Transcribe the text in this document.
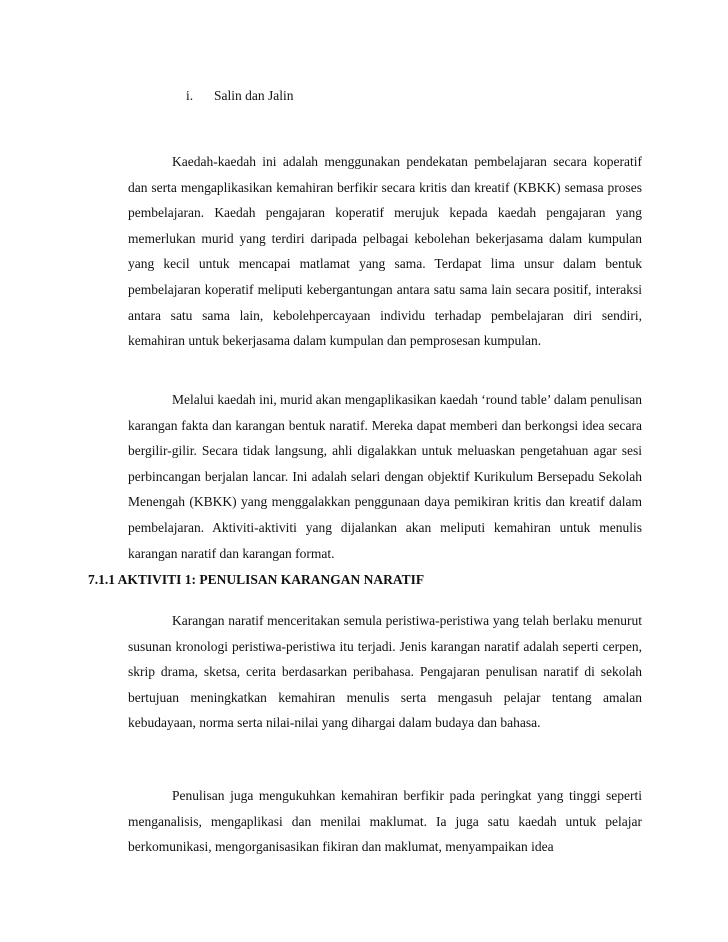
i. Salin dan Jalin

Kaedah-kaedah ini adalah menggunakan pendekatan pembelajaran secara koperatif dan serta mengaplikasikan kemahiran berfikir secara kritis dan kreatif (KBKK) semasa proses pembelajaran. Kaedah pengajaran koperatif merujuk kepada kaedah pengajaran yang memerlukan murid yang terdiri daripada pelbagai kebolehan bekerjasama dalam kumpulan yang kecil untuk mencapai matlamat yang sama. Terdapat lima unsur dalam bentuk pembelajaran koperatif meliputi kebergantungan antara satu sama lain secara positif, interaksi antara satu sama lain, kebolehpercayaan individu terhadap pembelajaran diri sendiri, kemahiran untuk bekerjasama dalam kumpulan dan pemprosesan kumpulan.

Melalui kaedah ini, murid akan mengaplikasikan kaedah ‘round table’ dalam penulisan karangan fakta dan karangan bentuk naratif. Mereka dapat memberi dan berkongsi idea secara bergilir-gilir. Secara tidak langsung, ahli digalakkan untuk meluaskan pengetahuan agar sesi perbincangan berjalan lancar. Ini adalah selari dengan objektif Kurikulum Bersepadu Sekolah Menengah (KBKK) yang menggalakkan penggunaan daya pemikiran kritis dan kreatif dalam pembelajaran. Aktiviti-aktiviti yang dijalankan akan meliputi kemahiran untuk menulis karangan naratif dan karangan format.

7.1.1 AKTIVITI 1: PENULISAN KARANGAN NARATIF

Karangan naratif menceritakan semula peristiwa-peristiwa yang telah berlaku menurut susunan kronologi peristiwa-peristiwa itu terjadi. Jenis karangan naratif adalah seperti cerpen, skrip drama, sketsa, cerita berdasarkan peribahasa. Pengajaran penulisan naratif di sekolah bertujuan meningkatkan kemahiran menulis serta mengasuh pelajar tentang amalan kebudayaan, norma serta nilai-nilai yang dihargai dalam budaya dan bahasa.

Penulisan juga mengukuhkan kemahiran berfikir pada peringkat yang tinggi seperti menganalisis, mengaplikasi dan menilai maklumat. Ia juga satu kaedah untuk pelajar berkomunikasi, mengorganisasikan fikiran dan maklumat, menyampaikan idea
